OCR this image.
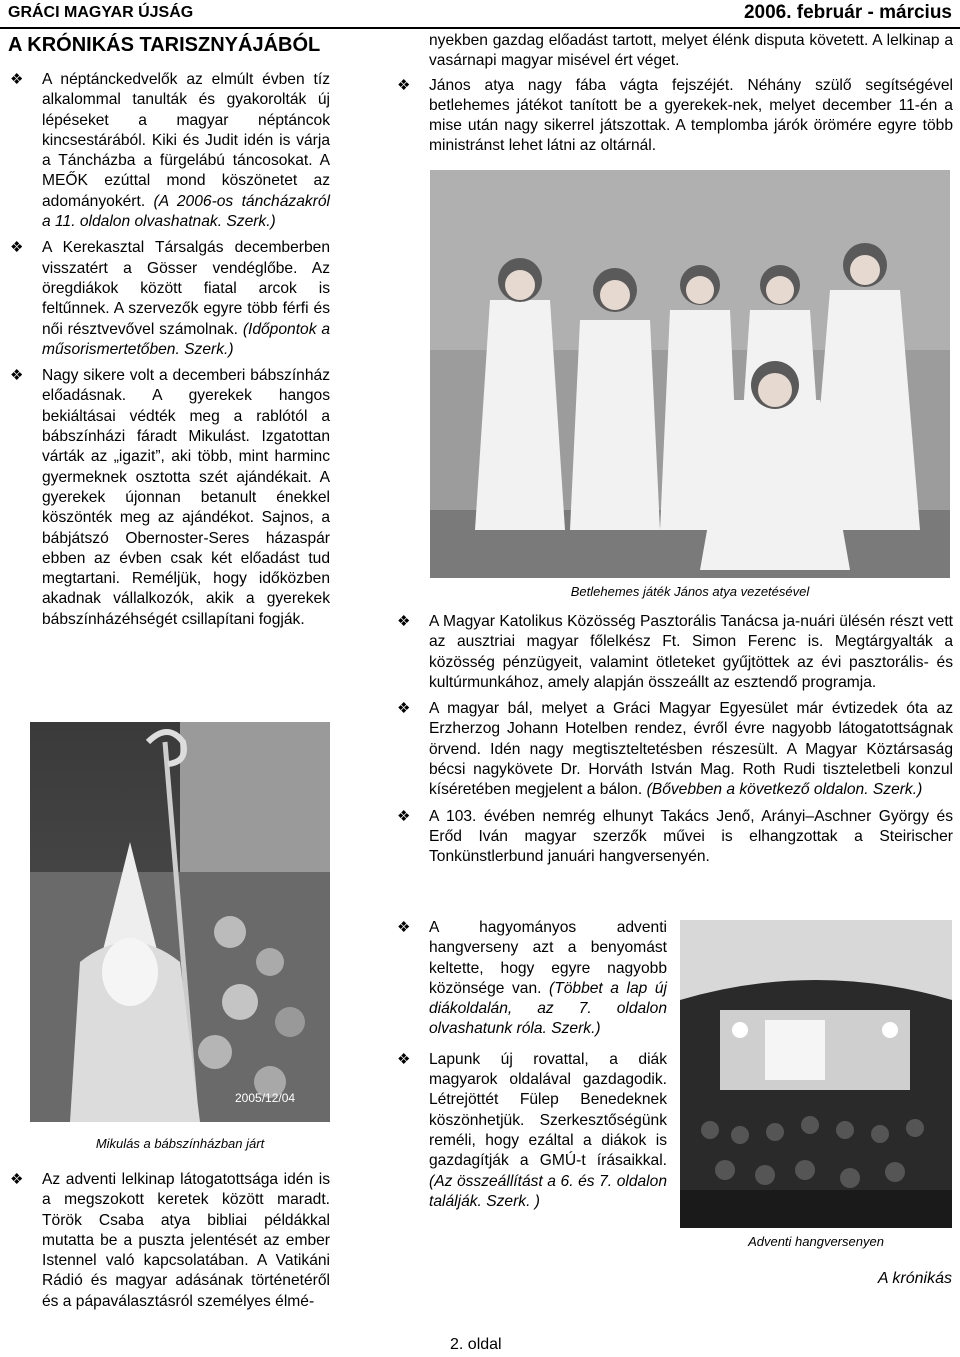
GRÁCI MAGYAR ÚJSÁG	2006. február - március
A KRÓNIKÁS TARISZNYÁJÁBÓL
❖ A néptánckedvelők az elmúlt évben tíz alkalommal tanulták és gyakorolták új lépéseket a magyar néptáncok kincsestárából. Kiki és Judit idén is várja a Táncházba a fürgelábú táncosokat. A MEŐK ezúttal mond köszönetet az adományokért. (A 2006-os táncházakról a 11. oldalon olvashatnak. Szerk.)

❖ A Kerekasztal Társalgás decemberben visszatért a Gösser vendéglőbe. Az öregdiákok között fiatal arcok is feltűnnek. A szervezők egyre több férfi és női résztvevővel számolnak. (Időpontok a műsorismertetőben. Szerk.)

❖ Nagy sikere volt a decemberi bábszínház előadásnak. A gyerekek hangos bekiáltásai védték meg a rablótól a bábszínházi fáradt Mikulást. Izgatottan várták az „igazit”, aki több, mint harminc gyermeknek osztotta szét ajándékait. A gyerekek újonnan betanult énekkel köszönték meg az ajándékot. Sajnos, a bábjátszó Obernoster-Seres házaspár ebben az évben csak két előadást tud megtartani. Reméljük, hogy időközben akadnak vállalkozók, akik a gyerekek bábszínházéhségét csillapítani fogják.

2005/12/04
Mikulás a bábszínházban járt
❖ Az adventi lelkinap látogatottsága idén is a megszokott keretek között maradt. Török Csaba atya bibliai példákkal mutatta be a puszta jelentését az ember Istennel való kapcsolatában. A Vatikáni Rádió és magyar adásának történetéről és a pápaválasztásról személyes élmé-

nyekben gazdag előadást tartott, melyet élénk disputa követett. A lelkinap a vasárnapi magyar misével ért véget.

❖ János atya nagy fába vágta fejszéjét. Néhány szülő segítségével betlehemes játékot tanított be a gyerekek-nek, melyet december 11-én a mise után nagy sikerrel játszottak. A templomba járók örömére egyre több ministránst lehet látni az oltárnál.

Betlehemes játék János atya vezetésével
❖ A Magyar Katolikus Közösség Pasztorális Tanácsa ja-nuári ülésén részt vett az ausztriai magyar főlelkész Ft. Simon Ferenc is. Megtárgyalták a közösség pénzügyeit, valamint ötleteket gyűjtöttek az évi pasztorális- és kultúrmunkához, amely alapján összeállt az esztendő programja.

❖ A magyar bál, melyet a Gráci Magyar Egyesület már évtizedek óta az Erzherzog Johann Hotelben rendez, évről évre nagyobb látogatottságnak örvend. Idén nagy megtiszteltetésben részesült. A Magyar Köztársaság bécsi nagykövete Dr. Horváth István Mag. Roth Rudi tiszteletbeli konzul kíséretében megjelent a bálon. (Bővebben a következő oldalon. Szerk.)

❖ A 103. évében nemrég elhunyt Takács Jenő, Arányi–Aschner György és Erőd Iván magyar szerzők művei is elhangzottak a Steirischer Tonkünstlerbund januári hangversenyén.

❖ A hagyományos adventi hangverseny azt a benyomást keltette, hogy egyre nagyobb közönsége van. (Többet a lap új diákoldalán, az 7. oldalon olvashatunk róla. Szerk.)

❖ Lapunk új rovattal, a diák magyarok oldalával gazdagodik. Létrejöttét Fülep Benedeknek köszönhetjük. Szerkesztőségünk reméli, hogy ezáltal a diákok is gazdagítják a GMÚ-t írásaikkal. (Az összeállítást a 6. és 7. oldalon találják. Szerk. )

Adventi hangversenyen
A krónikás
2. oldal
